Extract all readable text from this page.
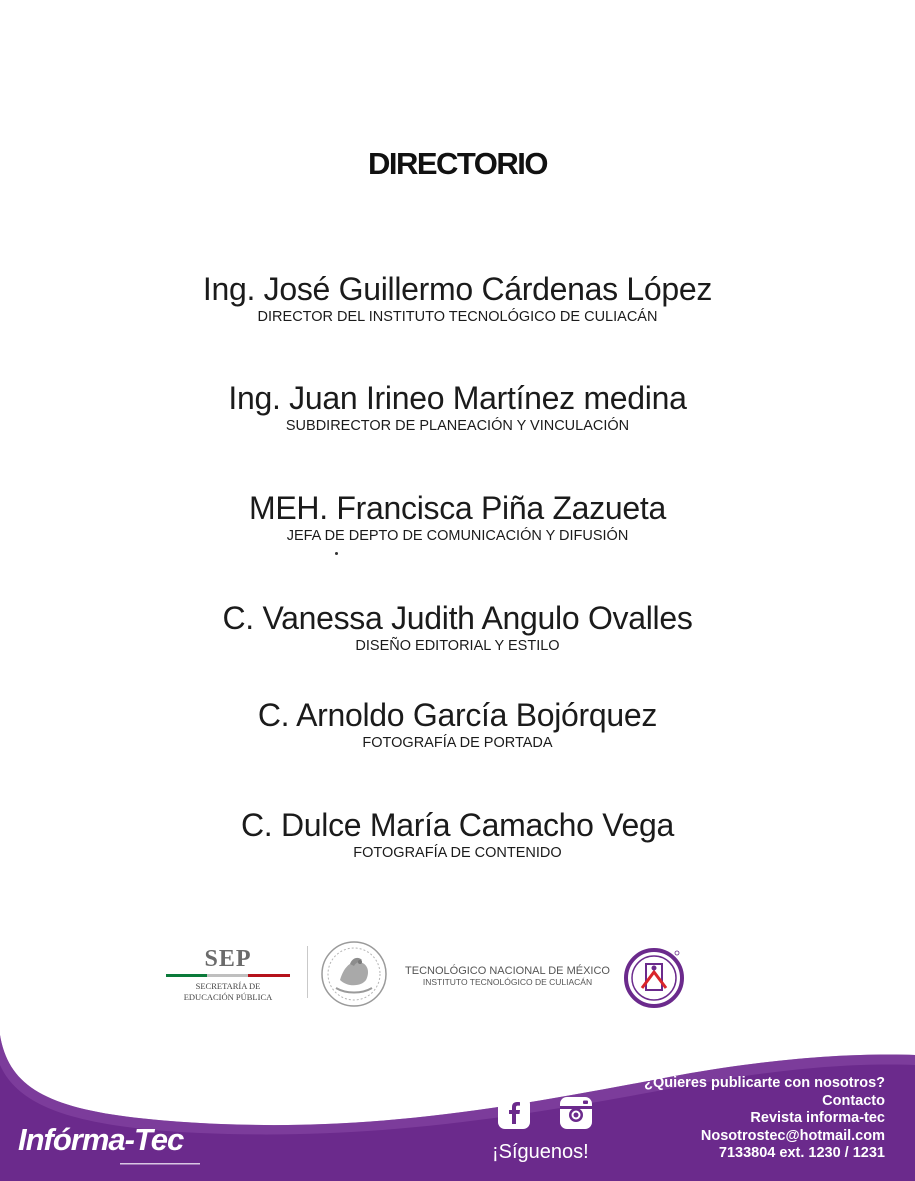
DIRECTORIO
Ing. José Guillermo Cárdenas López
DIRECTOR DEL INSTITUTO TECNOLÓGICO DE CULIACÁN
Ing. Juan Irineo Martínez medina
SUBDIRECTOR DE PLANEACIÓN Y VINCULACIÓN
MEH. Francisca Piña Zazueta
JEFA DE DEPTO DE COMUNICACIÓN Y DIFUSIÓN
C. Vanessa Judith Angulo Ovalles
DISEÑO EDITORIAL Y ESTILO
C. Arnoldo García Bojórquez
FOTOGRAFÍA DE PORTADA
C. Dulce María Camacho Vega
FOTOGRAFÍA DE CONTENIDO
SEP
SECRETARÍA DE
EDUCACIÓN PÚBLICA
TECNOLÓGICO NACIONAL DE MÉXICO
INSTITUTO TECNOLÓGICO DE CULIACÁN
Infórma-Tec	¡Síguenos!
¿Quieres publicarte con nosotros?
Contacto
Revista informa-tec
Nosotrostec@hotmail.com
7133804 ext. 1230 / 1231
